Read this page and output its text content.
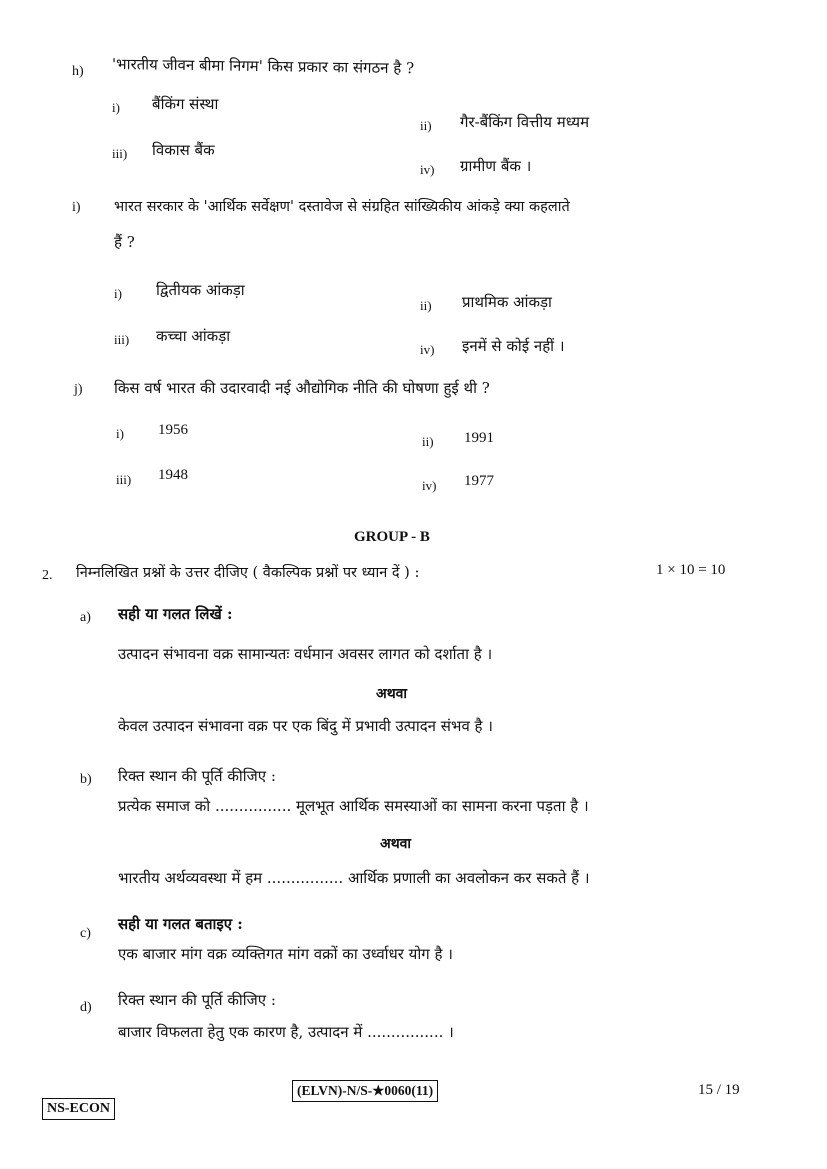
h) 'भारतीय जीवन बीमा निगम' किस प्रकार का संगठन है ?
i) बैंकिंग संस्था
ii) गैर-बैंकिंग वित्तीय मध्यम
iii) विकास बैंक
iv) ग्रामीण बैंक ।
i) भारत सरकार के 'आर्थिक सर्वेक्षण' दस्तावेज से संग्रहित सांख्यिकीय आंकड़े क्या कहलाते
हैं ?
i) द्वितीयक आंकड़ा
ii) प्राथमिक आंकड़ा
iii) कच्चा आंकड़ा
iv) इनमें से कोई नहीं ।
j) किस वर्ष भारत की उदारवादी नई औद्योगिक नीति की घोषणा हुई थी ?
i) 1956
ii) 1991
iii) 1948
iv) 1977
GROUP - B
2. निम्नलिखित प्रश्नों के उत्तर दीजिए ( वैकल्पिक प्रश्नों पर ध्यान दें ) :	1 × 10 = 10
a) सही या गलत लिखें :
उत्पादन संभावना वक्र सामान्यतः वर्धमान अवसर लागत को दर्शाता है ।
अथवा
केवल उत्पादन संभावना वक्र पर एक बिंदु में प्रभावी उत्पादन संभव है ।
b) रिक्त स्थान की पूर्ति कीजिए :
प्रत्येक समाज को ................ मूलभूत आर्थिक समस्याओं का सामना करना पड़ता है ।
अथवा
भारतीय अर्थव्यवस्था में हम ................ आर्थिक प्रणाली का अवलोकन कर सकते हैं ।
c)
सही या गलत बताइए :
एक बाजार मांग वक्र व्यक्तिगत मांग वक्रों का उर्ध्वाधर योग है ।
d) रिक्त स्थान की पूर्ति कीजिए :
बाजार विफलता हेतु एक कारण है, उत्पादन में ................ ।
NS-ECON
(ELVN)-N/S-★0060(11)	15 / 19
